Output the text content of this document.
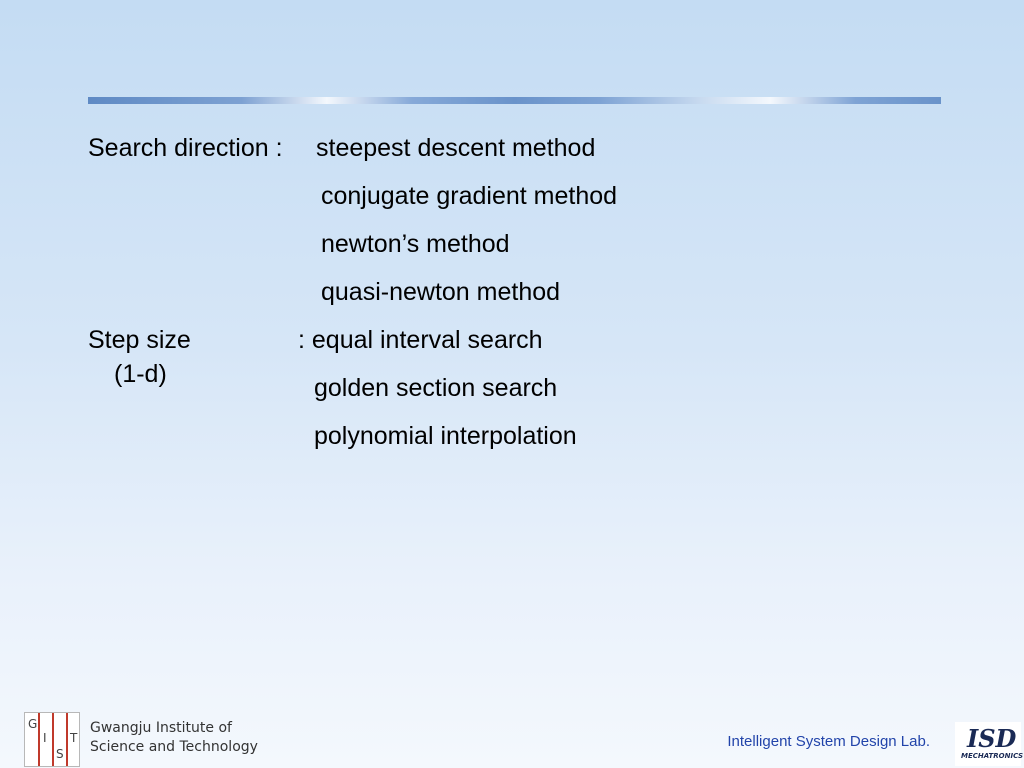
Search direction : steepest descent method
conjugate gradient method
newton’s method
quasi-newton method
Step size
(1-d)
: equal interval search
golden section search
polynomial interpolation
G
I
S
T
Gwangju Institute of
Science and Technology	Intelligent System Design Lab. ISD
MECHATRONICS
